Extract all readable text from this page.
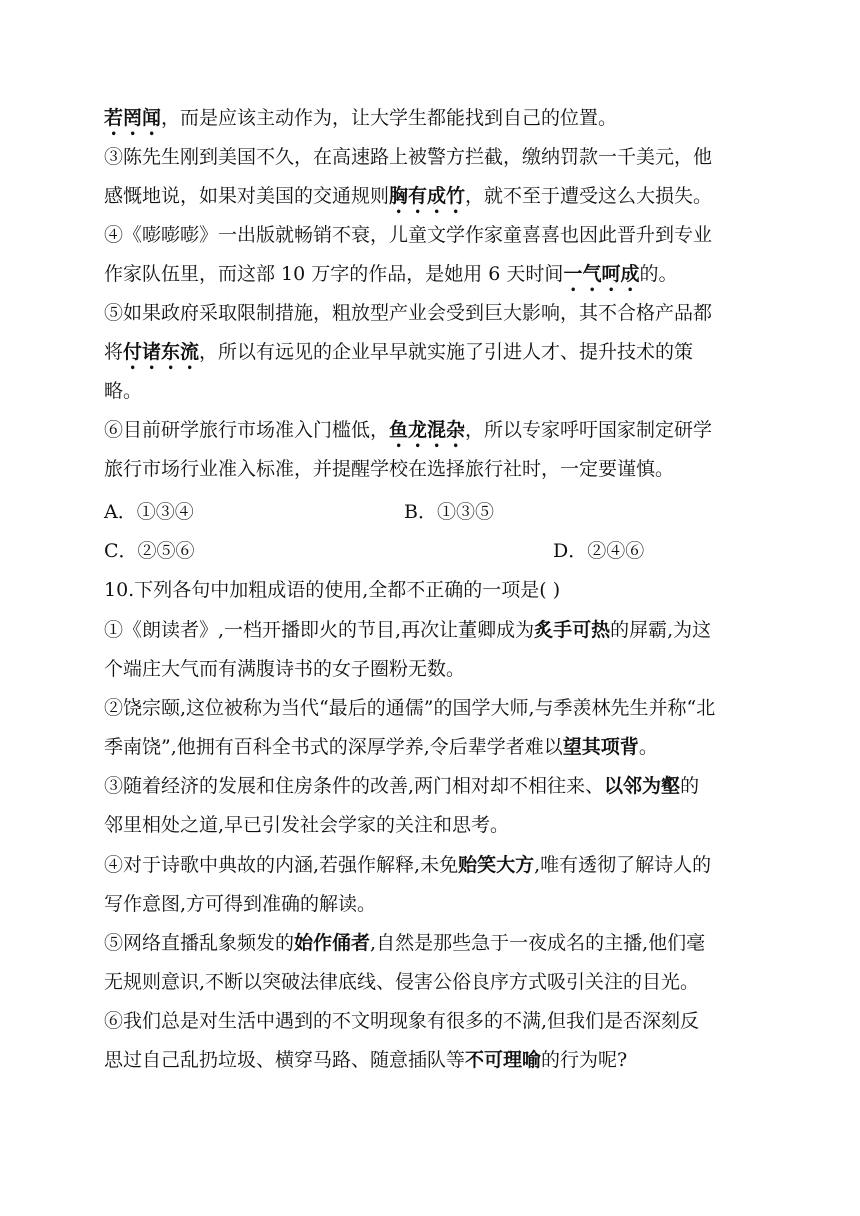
若罔闻，而是应该主动作为，让大学生都能找到自己的位置。
③陈先生刚到美国不久，在高速路上被警方拦截，缴纳罚款一千美元，他
感慨地说，如果对美国的交通规则胸有成竹，就不至于遭受这么大损失。
④《嘭嘭嘭》一出版就畅销不衰，儿童文学作家童喜喜也因此晋升到专业
作家队伍里，而这部 10 万字的作品，是她用 6 天时间一气呵成的。
⑤如果政府采取限制措施，粗放型产业会受到巨大影响，其不合格产品都
将付诸东流，所以有远见的企业早早就实施了引进人才、提升技术的策
略。
⑥目前研学旅行市场准入门槛低，鱼龙混杂，所以专家呼吁国家制定研学
旅行市场行业准入标准，并提醒学校在选择旅行社时，一定要谨慎。
A．①③④	B．①③⑤
C．②⑤⑥	D．②④⑥
10.下列各句中加粗成语的使用,全都不正确的一项是( )
①《朗读者》,一档开播即火的节目,再次让董卿成为炙手可热的屏霸,为这
个端庄大气而有满腹诗书的女子圈粉无数。
②饶宗颐,这位被称为当代“最后的通儒”的国学大师,与季羡林先生并称“北
季南饶”,他拥有百科全书式的深厚学养,令后辈学者难以望其项背。
③随着经济的发展和住房条件的改善,两门相对却不相往来、以邻为壑的
邻里相处之道,早已引发社会学家的关注和思考。
④对于诗歌中典故的内涵,若强作解释,未免贻笑大方,唯有透彻了解诗人的
写作意图,方可得到准确的解读。
⑤网络直播乱象频发的始作俑者,自然是那些急于一夜成名的主播,他们毫
无规则意识,不断以突破法律底线、侵害公俗良序方式吸引关注的目光。
⑥我们总是对生活中遇到的不文明现象有很多的不满,但我们是否深刻反
思过自己乱扔垃圾、横穿马路、随意插队等不可理喻的行为呢?
